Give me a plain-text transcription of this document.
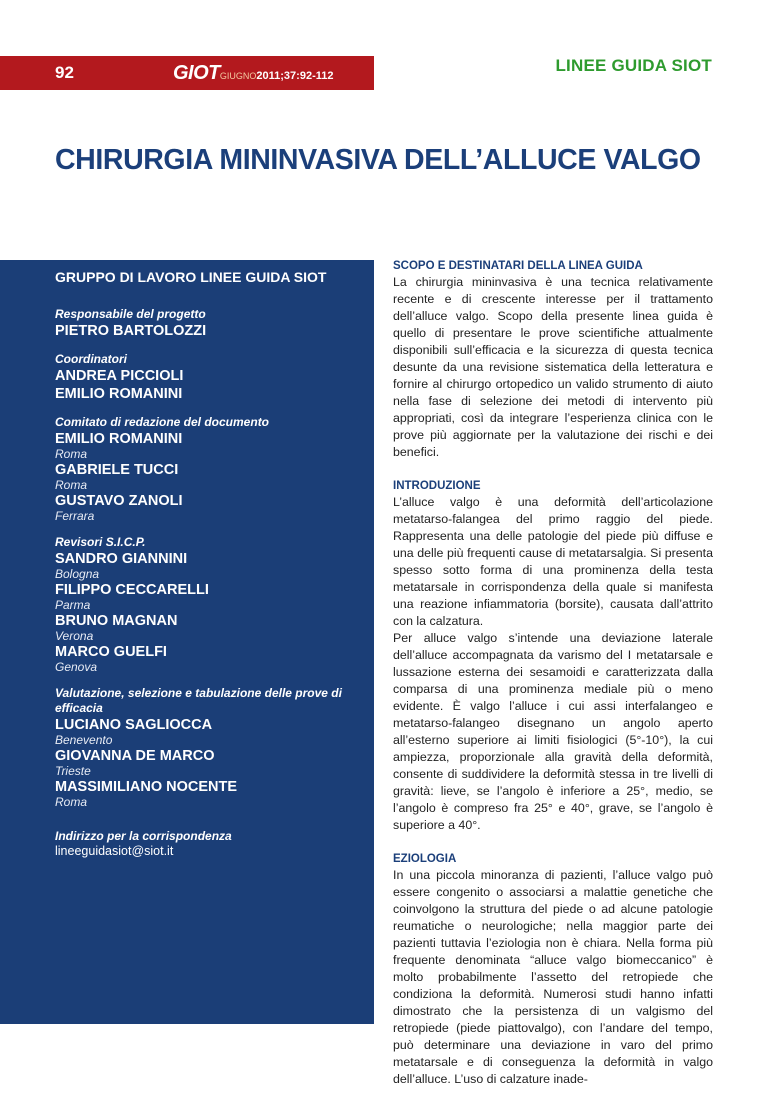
92	GIOTGIUGNO2011;37:92-112
LINEE GUIDA SIOT
CHIRURGIA MININVASIVA DELL’ALLUCE VALGO
GRUPPO DI LAVORO LINEE GUIDA SIOT
Responsabile del progetto
PIETRO BARTOLOZZI
Coordinatori
ANDREA PICCIOLI
EMILIO ROMANINI
Comitato di redazione del documento
EMILIO ROMANINI
Roma
GABRIELE TUCCI
Roma
GUSTAVO ZANOLI
Ferrara
Revisori S.I.C.P.
SANDRO GIANNINI
Bologna
FILIPPO CECCARELLI
Parma
BRUNO MAGNAN
Verona
MARCO GUELFI
Genova
Valutazione, selezione e tabulazione delle prove di efficacia
LUCIANO SAGLIOCCA
Benevento
GIOVANNA DE MARCO
Trieste
MASSIMILIANO NOCENTE
Roma
Indirizzo per la corrispondenza
lineeguidasiot@siot.it
SCOPO E DESTINATARI DELLA LINEA GUIDA

La chirurgia mininvasiva è una tecnica relativamente recente e di crescente interesse per il trattamento dell’alluce valgo. Scopo della presente linea guida è quello di presentare le prove scientifiche attualmente disponibili sull’efficacia e la sicurezza di questa tecnica desunte da una revisione sistematica della letteratura e fornire al chirurgo ortopedico un valido strumento di aiuto nella fase di selezione dei metodi di intervento più appropriati, così da integrare l’esperienza clinica con le prove più aggiornate per la valutazione dei rischi e dei benefici.

INTRODUZIONE

L’alluce valgo è una deformità dell’articolazione metatarso-falangea del primo raggio del piede. Rappresenta una delle patologie del piede più diffuse e una delle più frequenti cause di metatarsalgia. Si presenta spesso sotto forma di una prominenza della testa metatarsale in corrispondenza della quale si manifesta una reazione infiammatoria (borsite), causata dall’attrito con la calzatura.

Per alluce valgo s’intende una deviazione laterale dell’alluce accompagnata da varismo del I metatarsale e lussazione esterna dei sesamoidi e caratterizzata dalla comparsa di una prominenza mediale più o meno evidente. È valgo l’alluce i cui assi interfalangeo e metatarso-falangeo disegnano un angolo aperto all’esterno superiore ai limiti fisiologici (5°-10°), la cui ampiezza, proporzionale alla gravità della deformità, consente di suddividere la deformità stessa in tre livelli di gravità: lieve, se l’angolo è inferiore a 25°, medio, se l’angolo è compreso fra 25° e 40°, grave, se l’angolo è superiore a 40°.

EZIOLOGIA

In una piccola minoranza di pazienti, l’alluce valgo può essere congenito o associarsi a malattie genetiche che coinvolgono la struttura del piede o ad alcune patologie reumatiche o neurologiche; nella maggior parte dei pazienti tuttavia l’eziologia non è chiara. Nella forma più frequente denominata “alluce valgo biomeccanico” è molto probabilmente l’assetto del retropiede che condiziona la deformità. Numerosi studi hanno infatti dimostrato che la persistenza di un valgismo del retropiede (piede piattovalgo), con l’andare del tempo, può determinare una deviazione in varo del primo metatarsale e di conseguenza la deformità in valgo dell’alluce. L’uso di calzature inade-
